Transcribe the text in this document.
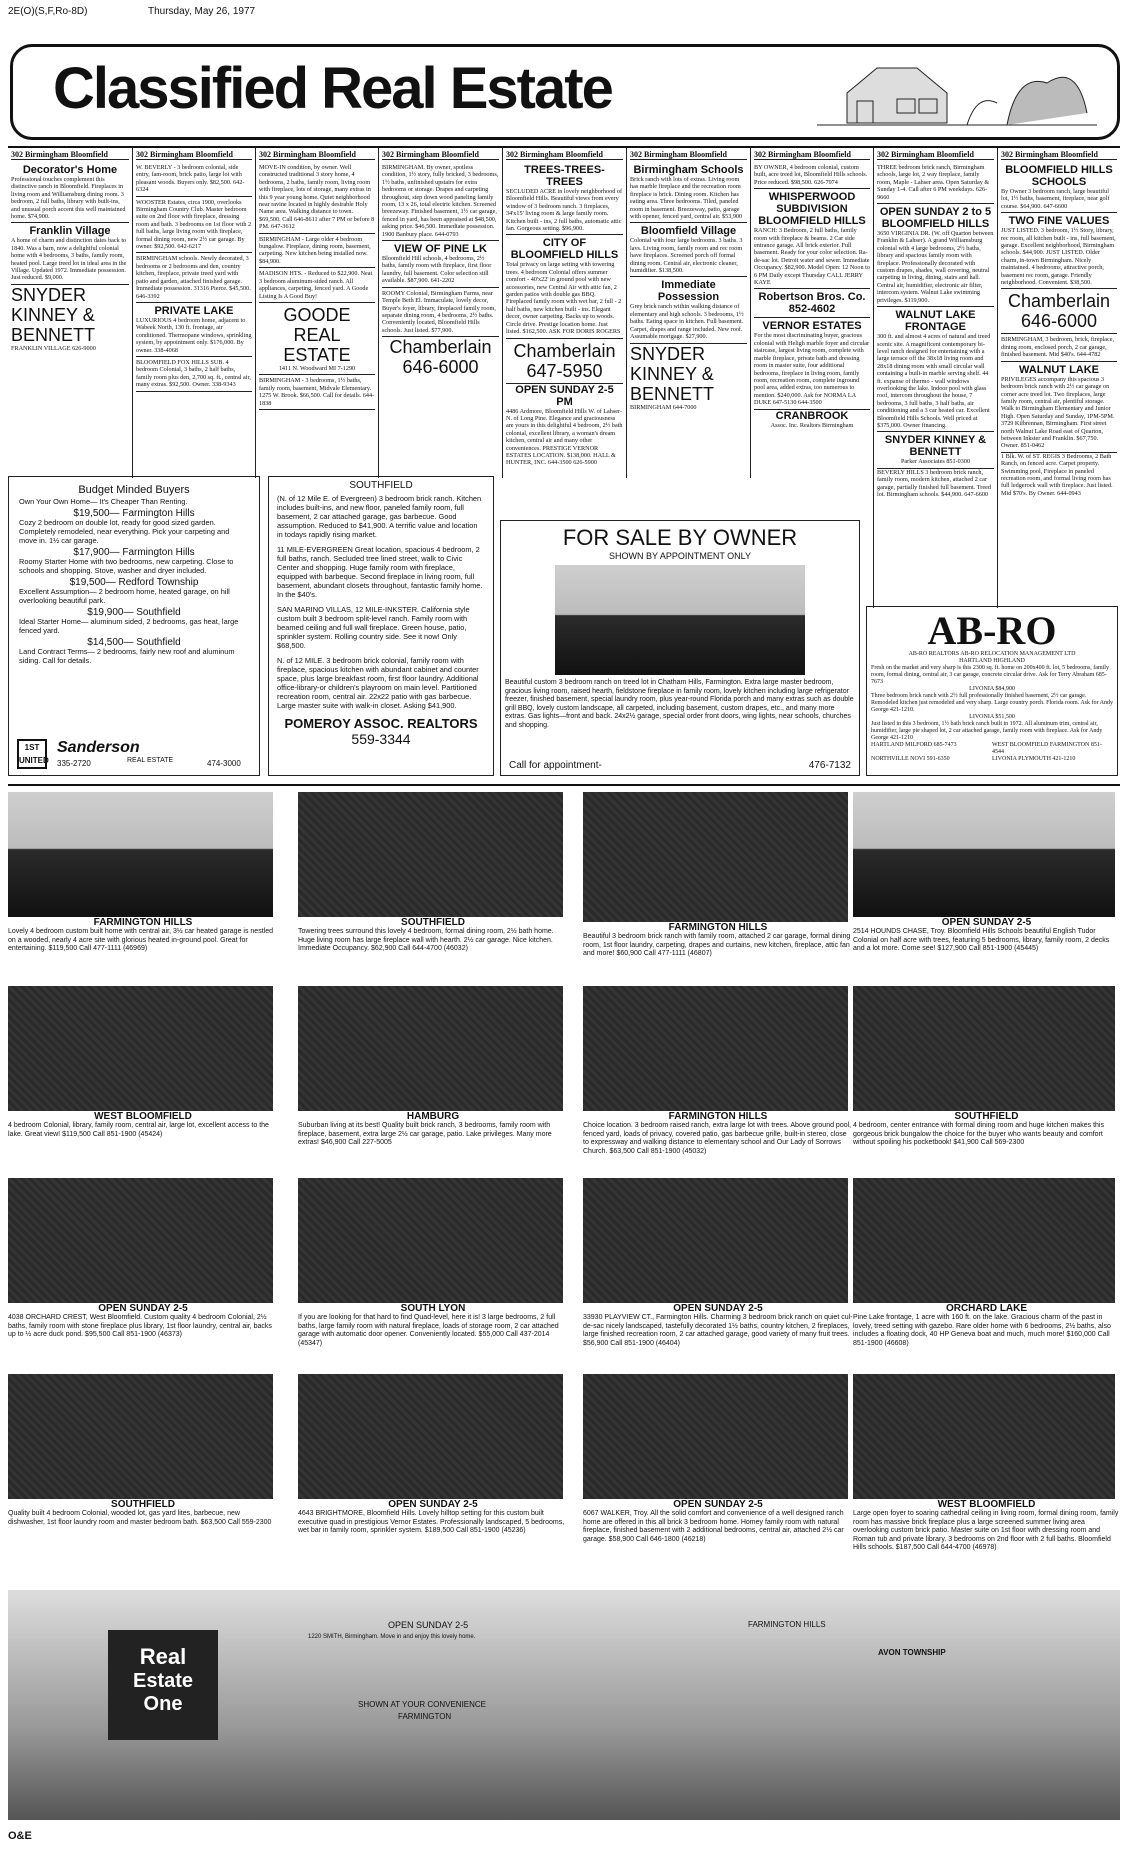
2E(O)(S,F,Ro-8D)	Thursday, May 26, 1977
Classified Real Estate
302 Birmingham Bloomfield
Decorator's Home
Professional touches complement this distinctive ranch in Bloomfield. Fireplaces in living room and Williamsburg dining room. 3 bedroom, 2 full baths, library with built-ins, and unusual porch accent this well maintained home. $74,900.
Franklin Village
A home of charm and distinction dates back to 1840. Was a barn, now a delightful colonial home with 4 bedrooms, 3 baths, family room, heated pool. Large treed lot in ideal area in the Village. Updated 1972. Immediate possession. Just reduced. $9,000.
SNYDER KINNEY & BENNETT
FRANKLIN VILLAGE 626-9000
302 Birmingham Bloomfield
W. BEVERLY - 3 bedroom colonial, side entry, fam-room, brick patio, large lot with pleasant woods. Buyers only. $82,500. 642-6324
WOOSTER Estates, circa 1900, overlooks Birmingham Country Club. Master bedroom suite on 2nd floor with fireplace, dressing room and bath. 3 bedrooms on 1st floor with 2 full baths, large living room with fireplace, formal dining room, new 2½ car garage. By owner. $92,500. 642-6217
BIRMINGHAM schools. Newly decorated, 3 bedrooms or 2 bedrooms and den, country kitchen, fireplace, private treed yard with patio and garden, attached finished garage. Immediate possession. 31316 Pierce. $45,500. 646-3392
PRIVATE LAKE
LUXURIOUS 4 bedroom home, adjacent to Wabeek North, 130 ft. frontage, air conditioned. Thermopane windows, sprinkling system, by appointment only. $176,000. By owner. 338-4068
BLOOMFIELD FOX HILLS SUB. 4 bedroom Colonial, 3 baths, 2 half baths, family room plus den, 2,700 sq. ft., central air, many extras. $92,500. Owner. 338-9343
302 Birmingham Bloomfield
MOVE-IN condition, by owner. Well constructed traditional 3 story home, 4 bedrooms, 2 baths, family room, living room with fireplace, lots of storage, many extras in this 9 year young home. Quiet neighborhood near ravine located in highly desirable Holy Name area. Walking distance to town. $69,500. Call 646-8611 after 7 PM or before 8 PM. 647-3612
BIRMINGHAM - Large older 4 bedroom bungalow. Fireplace, dining room, basement, carpeting. New kitchen being installed now. $84,900.
MADISON HTS. - Reduced to $22,900. Neat 3 bedroom aluminum-sided ranch. All appliances, carpeting, fenced yard. A Goode Listing Is A Good Buy!
GOODE REAL ESTATE
1411 N. Woodward MI 7-1290
BIRMINGHAM - 3 bedrooms, 1½ baths, family room, basement, Midvale Elementary. 1275 W. Brook. $66,500. Call for details. 644-1838
302 Birmingham Bloomfield
BIRMINGHAM. By owner, spotless condition, 1½ story, fully bricked, 3 bedrooms, 1½ baths, unfinished upstairs for extra bedrooms or storage. Drapes and carpeting throughout, step down wood paneling family room, 13 x 26, total electric kitchen. Screened breezeway. Finished basement, 1½ car garage, fenced in yard, has been appraised at $48,500, asking price. $46,500. Immediate possession. 1900 Banbury place. 644-0793
VIEW OF PINE LK
Bloomfield Hill schools, 4 bedrooms, 2½ baths, family room with fireplace, first floor laundry, full basement. Color selection still available. $87,900. 641-2202
ROOMY Colonial, Birmingham Farms, near Temple Beth El. Immaculate, lovely decor, Buyer's foyer, library, fireplaced family room, separate dining room, 4 bedrooms, 2½ baths. Conveniently located, Bloomfield Hills schools. Just listed. $77,900.
Chamberlain
646-6000
302 Birmingham Bloomfield
TREES-TREES-TREES
SECLUDED ACRE in lovely neighborhood of Bloomfield Hills. Beautiful views from every window of 3 bedroom ranch. 3 fireplaces, 34'x15' living room & large family room. Kitchen built - ins, 2 full baths, automatic attic fan. Gorgeous setting. $96,900.
CITY OF BLOOMFIELD HILLS
Total privacy on large setting with towering trees. 4 bedroom Colonial offers summer comfort - 40'x22' in ground pool with new accessories, new Central Air with attic fan, 2 garden patios with double gas BBQ. Fireplaced family room with wet bar, 2 full - 2 half baths, new kitchen built - ins. Elegant decor, owner carpeting. Backs up to woods. Circle drive. Prestige location home. Just listed. $162,500. ASK FOR DORIS ROGERS
Chamberlain
647-5950
OPEN SUNDAY 2-5 PM
4486 Ardmore, Bloomfield Hills W. of Lahser-N. of Long Pine. Elegance and graciousness are yours in this delightful 4 bedroom, 2½ bath colonial, excellent library, a woman's dream kitchen, central air and many other conveniences. PRESTIGE VERNOR ESTATES LOCATION. $138,000. HALL & HUNTER, INC. 644-3500 626-5900
302 Birmingham Bloomfield
Birmingham Schools
Brick ranch with lots of extras. Living room has marble fireplace and the recreation room fireplace is brick. Dining room. Kitchen has eating area. Three bedrooms. Tiled, paneled room in basement. Breezeway, patio, garage with opener, fenced yard, central air. $53,900
Bloomfield Village
Colonial with four large bedrooms. 3 baths. 3 lavs. Living room, family room and rec room have fireplaces. Screened porch off formal dining room. Central air, electronic cleaner, humidifier. $138,500.
Immediate Possession
Grey brick ranch within walking distance of elementary and high schools. 3 bedrooms, 1½ baths. Eating space in kitchen. Full basement. Carpet, drapes and range included. New roof. Assumable mortgage. $27,900.
SNYDER KINNEY & BENNETT
BIRMINGHAM 644-7000
302 Birmingham Bloomfield
BY OWNER, 4 bedroom colonial, custom built, acre treed lot, Bloomfield Hills schools. Price reduced. $98,500. 626-7974
WHISPERWOOD SUBDIVISION BLOOMFIELD HILLS
RANCH: 3 Bedroom, 2 full baths, family room with fireplace & beams. 2 Car side entrance garage. All brick exterior. Full basement. Ready for your color selection. Ra-de-sac lot. Detroit water and sewer. Immediate Occupancy. $82,900. Model Open: 12 Noon to 6 PM Daily except Thursday CALL JERRY KAYE
Robertson Bros. Co.
852-4602
VERNOR ESTATES
For the most discriminating buyer, gracious colonial with Heligh marble foyer and circular staircase, largest living room, complete with marble fireplace, private bath and dressing room in master suite, four additional bedrooms, fireplace in living room, family room, recreation room, complete inground pool area, added extras, too numerous to mention. $240,000. Ask for NORMA LA DUKE 647-5130 644-3500
CRANBROOK
Assoc. Inc. Realtors Birmingham
302 Birmingham Bloomfield
THREE bedroom brick ranch, Birmingham schools, large lot, 2 way fireplace, family room, Maple - Lahser area. Open Saturday & Sunday 1-4. Call after 6 PM weekdays. 626-9660
OPEN SUNDAY 2 to 5 BLOOMFIELD HILLS
3650 VIRGINIA DR. (W. off Quarton between Franklin & Lahser). A grand Williamsburg colonial with 4 large bedrooms, 2½ baths, library and spacious family room with fireplace. Professionally decorated with custom drapes, shades, wall covering, neutral carpeting in living, dining, stairs and hall. Central air, humidifier, electronic air filter, intercom system. Walnut Lake swimming privileges. $119,900.
WALNUT LAKE FRONTAGE
300 ft. and almost 4 acres of natural and treed scenic site. A magnificent contemporary bi-level ranch designed for entertaining with a large terrace off the 38x18 living room and 28x18 dining room with small circular wall containing a built-in marble serving shelf. 44 ft. expanse of thermo - wall windows overlooking the lake. Indoor pool with glass roof, intercom throughout the house, 7 bedrooms, 3 full baths, 3 half baths, air conditioning and a 3 car heated car. Excellent Bloomfield Hills Schools. Well priced at $375,000. Owner financing.
SNYDER KINNEY & BENNETT
Parker Associates 851-0300
BEVERLY HILLS 3 bedroom brick ranch, family room, modern kitchen, attached 2 car garage, partially finished full basement. Treed lot. Birmingham schools. $44,900. 647-6600
302 Birmingham Bloomfield
BLOOMFIELD HILLS SCHOOLS
By Owner 3 bedroom ranch, large beautiful lot, 1½ baths, basement, fireplace, near golf course. $64,900. 647-6600
TWO FINE VALUES
JUST LISTED. 3 bedroom, 1½ Story, library, rec room, all kitchen built - ins, full basement, garage. Excellent neighborhood, Birmingham schools. $44,900. JUST LISTED. Older charm, in-town Birmingham. Nicely maintained. 4 bedrooms, attractive porch, basement rec room, garage. Friendly neighborhood. Convenient. $38,500.
Chamberlain
646-6000
BIRMINGHAM, 3 bedroom, brick, fireplace, dining room, enclosed porch, 2 car garage, finished basement. Mid $40's. 644-4782
WALNUT LAKE
PRIVILEGES accompany this spacious 3 bedroom brick ranch with 2½ car garage on corner acre treed lot. Two fireplaces, large family room, central air, plentiful storage. Walk to Birmingham Elementary and Junior High. Open Saturday and Sunday, 1PM-5PM. 3729 Kilbrennan, Birmingham. First street north Walnut Lake Road east of Quarton, between Inkster and Franklin. $67,750. Owner. 851-0462
1 Blk. W. of ST. REGIS 3 Bedrooms, 2 Bath Ranch, on fenced acre. Carpet property. Swimming pool, Fireplace in paneled recreation room, and formal living room has full ledgerock wall with fireplace. Just listed. Mid $70's. By Owner. 644-0943
Budget Minded Buyers
Own Your Own Home— It's Cheaper Than Renting.
$19,500— Farmington Hills
Cozy 2 bedroom on double lot, ready for good sized garden. Completely remodeled, near everything. Pick your carpeting and move in. 1½ car garage.
$17,900— Farmington Hills
Roomy Starter Home with two bedrooms, new carpeting. Close to schools and shopping. Stove, washer and dryer included.
$19,500— Redford Township
Excellent Assumption— 2 bedroom home, heated garage, on hill overlooking beautiful park.
$19,900— Southfield
Ideal Starter Home— aluminum sided, 2 bedrooms, gas heat, large fenced yard.
$14,500— Southfield
Land Contract Terms— 2 bedrooms, fairly new roof and aluminum siding. Call for details.
1ST UNITED
Sanderson
REAL ESTATE
335-2720	474-3000
SOUTHFIELD
(N. of 12 Mile E. of Evergreen) 3 bedroom brick ranch. Kitchen includes built-ins, and new floor, paneled family room, full basement, 2 car attached garage, gas barbecue. Good assumption. Reduced to $41,900. A terrific value and location in todays rapidly rising market.
11 MILE-EVERGREEN Great location, spacious 4 bedroom, 2 full baths, ranch. Secluded tree lined street, walk to Civic Center and shopping. Huge family room with fireplace, equipped with barbeque. Second fireplace in living room, full basement, abundant closets throughout, fantastic family home. In the $40's.
SAN MARINO VILLAS, 12 MILE-INKSTER. California style custom built 3 bedroom split-level ranch. Family room with beamed ceiling and full wall fireplace. Green house, patio, sprinkler system. Rolling country side. See it now! Only $68,500.
N. of 12 MILE. 3 bedroom brick colonial, family room with fireplace, spacious kitchen with abundant cabinet and counter space, plus large breakfast room, first floor laundry. Additional office-library-or children's playroom on main level. Partitioned recreation room, central air. 22x22 patio with gas barbecue. Large master suite with walk-in closet. Asking $41,900.
POMEROY ASSOC. REALTORS
559-3344
FOR SALE BY OWNER
SHOWN BY APPOINTMENT ONLY
Beautiful custom 3 bedroom ranch on treed lot in Chatham Hills, Farmington. Extra large master bedroom, gracious living room, raised hearth, fieldstone fireplace in family room, lovely kitchen including large refrigerator freezer, finished basement, special laundry room, plus year-round Florida porch and many extras such as double grill BBQ, lovely custom landscape, all carpeted, including basement, custom drapes, etc., and many more extras. Gas lights—front and back. 24x2½ garage, special order front doors, wing lights, near schools, churches and shopping.
Call for appointment-	476-7132
AB-RO
AB-RO REALTORS AB-RO RELOCATION MANAGEMENT LTD
HARTLAND HIGHLAND
Fresh on the market and very sharp is this 2300 sq. ft. home on 200x400 ft. lot, 5 bedrooms, family room, formal dining, central air, 3 car garage, concrete circular drive. Ask for Terry Abraham 685-7673
LIVONIA $84,900
Three bedroom brick ranch with 2½ full professionally finished basement, 2½ car garage. Remodeled kitchen just remodeled and very sharp. Large country porch. Florida room. Ask for Andy George 421-1210.
LIVONIA $51,500
Just listed in this 3 bedroom, 1½ bath brick ranch built in 1972. All aluminum trim, central air, humidifier, large pie shaped lot, 2 car attached garage, family room with fireplace. Ask for Andy George 421-1210
HARTLAND MILFORD 685-7473	WEST BLOOMFIELD FARMINGTON 851-4544
NORTHVILLE NOVI 591-6350	LIVONIA PLYMOUTH 421-1210
FARMINGTON HILLS
Lovely 4 bedroom custom built home with central air, 3½ car heated garage is nestled on a wooded, nearly 4 acre site with glorious heated in-ground pool. Great for entertaining. $119,500 Call 477-1111 (46969)
SOUTHFIELD
Towering trees surround this lovely 4 bedroom, formal dining room, 2½ bath home. Huge living room has large fireplace wall with hearth. 2½ car garage. Nice kitchen. Immediate Occupancy. $62,900 Call 644-4700 (46032)
FARMINGTON HILLS
Beautiful 3 bedroom brick ranch with family room, attached 2 car garage, formal dining room, 1st floor laundry, carpeting, drapes and curtains, new kitchen, fireplace, attic fan and more! $60,900 Call 477-1111 (46807)
OPEN SUNDAY 2-5
2514 HOUNDS CHASE, Troy. Bloomfield Hills Schools beautiful English Tudor Colonial on half acre with trees, featuring 5 bedrooms, library, family room, 2 decks and a lot more. Come see! $127,900 Call 851-1900 (45445)
WEST BLOOMFIELD
4 bedroom Colonial, library, family room, central air, large lot, excellent access to the lake. Great view! $119,500 Call 851-1900 (45424)
HAMBURG
Suburban living at its best! Quality built brick ranch, 3 bedrooms, family room with fireplace, basement, extra large 2½ car garage, patio. Lake privileges. Many more extras! $46,900 Call 227-5005
FARMINGTON HILLS
Choice location. 3 bedroom raised ranch, extra large lot with trees. Above ground pool, fenced yard, loads of privacy, covered patio, gas barbecue grille, built-in stereo, close to expressway and walking distance to elementary school and Our Lady of Sorrows Church. $63,500 Call 851-1900 (45032)
SOUTHFIELD
4 bedroom, center entrance with formal dining room and huge kitchen makes this gorgeous brick bungalow the choice for the buyer who wants beauty and comfort without spoiling his pocketbook! $41,900 Call 569-2300
OPEN SUNDAY 2-5
4038 ORCHARD CREST, West Bloomfield. Custom quality 4 bedroom Colonial, 2½ baths, family room with stone fireplace plus library, 1st floor laundry, central air, backs up to ½ acre duck pond. $95,500 Call 851-1900 (46373)
SOUTH LYON
If you are looking for that hard to find Quad-level, here it is! 3 large bedrooms, 2 full baths, large family room with natural fireplace, loads of storage room, 2 car attached garage with automatic door opener. Conveniently located. $55,000 Call 437-2014 (45347)
OPEN SUNDAY 2-5
33930 PLAYVIEW CT., Farmington Hills. Charming 3 bedroom brick ranch on quiet cul-de-sac nicely landscaped, tastefully decorated 1½ baths, country kitchen, 2 fireplaces, large finished recreation room, 2 car attached garage, good variety of many fruit trees. $56,900 Call 851-1900 (46404)
ORCHARD LAKE
Pine Lake frontage, 1 acre with 160 ft. on the lake. Gracious charm of the past in lovely, treed setting with gazebo. Rare older home with 6 bedrooms, 2½ baths, also includes a floating dock, 40 HP Geneva boat and much, much more! $160,000 Call 851-1900 (46608)
SOUTHFIELD
Quality built 4 bedroom Colonial, wooded lot, gas yard lites, barbecue, new dishwasher, 1st floor laundry room and master bedroom bath. $63,500 Call 559-2300
OPEN SUNDAY 2-5
4643 BRIGHTMORE, Bloomfield Hills. Lovely hilltop setting for this custom built executive quad in prestigious Vernor Estates. Professionally landscaped, 5 bedrooms, wet bar in family room, sprinkler system. $189,500 Call 851-1900 (45236)
OPEN SUNDAY 2-5
6067 WALKER, Troy. All the solid comfort and convenience of a well designed ranch home are offered in this all brick 3 bedroom home. Homey family room with natural fireplace, finished basement with 2 additional bedrooms, central air, attached 2½ car garage. $58,900 Call 646-1800 (46218)
WEST BLOOMFIELD
Large open foyer to soaring cathedral ceiling in living room, formal dining room, family room has massive brick fireplace plus a large screened summer living area overlooking custom brick patio. Master suite on 1st floor with dressing room and Roman tub and private library. 3 bedrooms on 2nd floor with 2 full baths. Bloomfield Hills schools. $187,500 Call 644-4700 (46978)
Real
Estate
One
OPEN SUNDAY 2-5
1220 SMITH, Birmingham. Move in and enjoy this lovely home.
SHOWN AT YOUR CONVENIENCE
FARMINGTON
FARMINGTON HILLS
AVON TOWNSHIP
O&E
